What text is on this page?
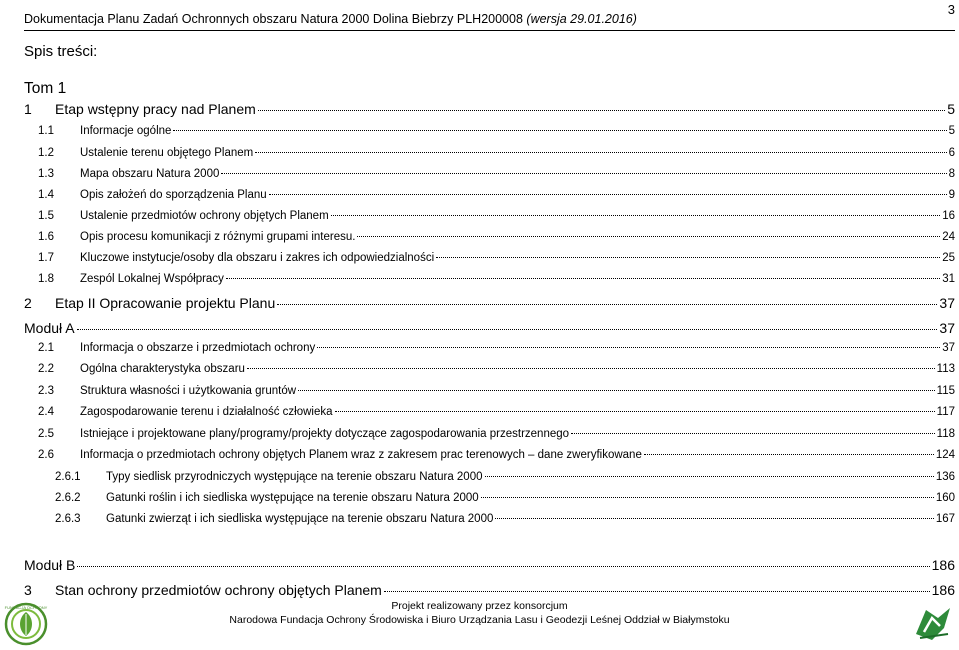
Dokumentacja Planu Zadań Ochronnych obszaru Natura 2000 Dolina Biebrzy PLH200008 (wersja 29.01.2016)
3
Spis treści:
Tom 1
1	Etap wstępny pracy nad Planem	5
1.1	Informacje ogólne	5
1.2	Ustalenie terenu objętego Planem	6
1.3	Mapa obszaru Natura 2000	8
1.4	Opis założeń do sporządzenia Planu	9
1.5	Ustalenie przedmiotów ochrony objętych Planem	16
1.6	Opis procesu komunikacji z różnymi grupami interesu.	24
1.7	Kluczowe instytucje/osoby dla obszaru i zakres ich odpowiedzialności	25
1.8	Zespól Lokalnej Współpracy	31
2	Etap II Opracowanie projektu Planu	37
Moduł A	37
2.1	Informacja o obszarze i przedmiotach ochrony	37
2.2	Ogólna charakterystyka obszaru	113
2.3	Struktura własności i użytkowania gruntów	115
2.4	Zagospodarowanie terenu i działalność człowieka	117
2.5	Istniejące i projektowane plany/programy/projekty dotyczące zagospodarowania przestrzennego	118
2.6	Informacja o przedmiotach ochrony objętych Planem wraz z zakresem prac terenowych – dane zweryfikowane	124
2.6.1	Typy siedlisk przyrodniczych występujące na terenie obszaru Natura 2000	136
2.6.2	Gatunki roślin i ich siedliska występujące na terenie obszaru Natura 2000	160
2.6.3	Gatunki zwierząt i ich siedliska występujące na terenie obszaru Natura 2000	167
Moduł B	186
3	Stan ochrony przedmiotów ochrony objętych Planem	186
Projekt realizowany przez konsorcjum
Narodowa Fundacja Ochrony Środowiska i Biuro Urządzania Lasu i Geodezji Leśnej Oddział w Białymstoku
FUNDACJA OCHRONY
